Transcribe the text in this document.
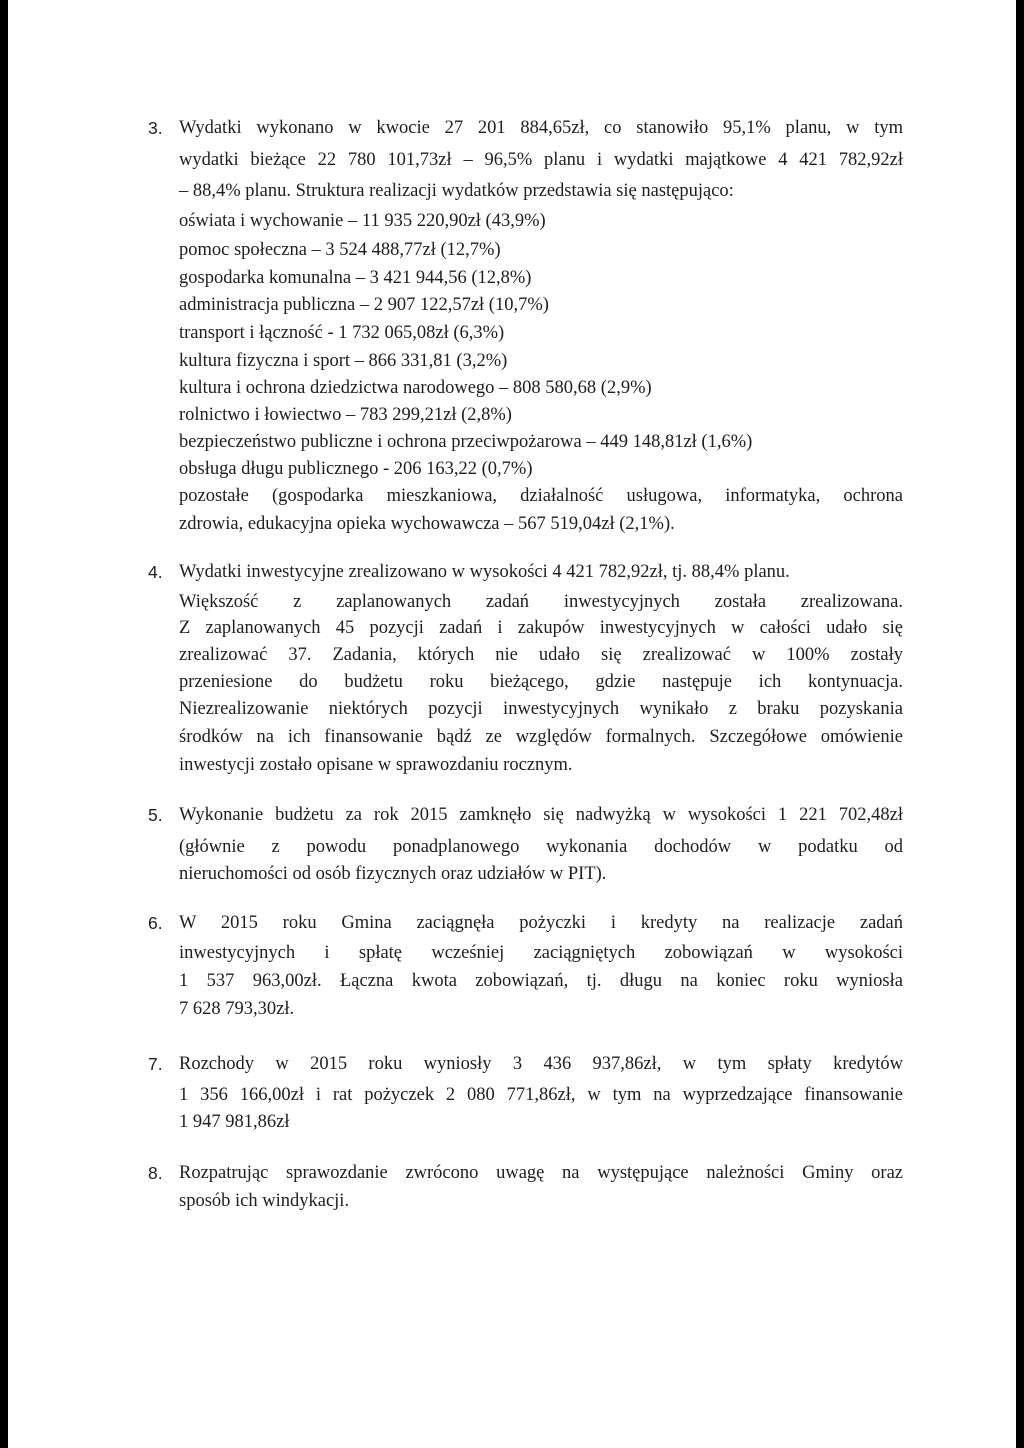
3. Wydatki wykonano w kwocie 27 201 884,65zł, co stanowiło 95,1% planu, w tym
wydatki bieżące 22 780 101,73zł – 96,5% planu i wydatki majątkowe 4 421 782,92zł
– 88,4% planu. Struktura realizacji wydatków przedstawia się następująco:
oświata i wychowanie – 11 935 220,90zł (43,9%)
pomoc społeczna – 3 524 488,77zł (12,7%)
gospodarka komunalna – 3 421 944,56 (12,8%)
administracja publiczna – 2 907 122,57zł (10,7%)
transport i łączność - 1 732 065,08zł (6,3%)
kultura fizyczna i sport – 866 331,81 (3,2%)
kultura i ochrona dziedzictwa narodowego – 808 580,68 (2,9%)
rolnictwo i łowiectwo – 783 299,21zł (2,8%)
bezpieczeństwo publiczne i ochrona przeciwpożarowa – 449 148,81zł (1,6%)
obsługa długu publicznego - 206 163,22 (0,7%)
pozostałe (gospodarka mieszkaniowa, działalność usługowa, informatyka, ochrona
zdrowia, edukacyjna opieka wychowawcza – 567 519,04zł (2,1%).
4. Wydatki inwestycyjne zrealizowano w wysokości 4 421 782,92zł, tj. 88,4% planu.
Większość z zaplanowanych zadań inwestycyjnych została zrealizowana.
Z zaplanowanych 45 pozycji zadań i zakupów inwestycyjnych w całości udało się
zrealizować 37. Zadania, których nie udało się zrealizować w 100% zostały
przeniesione do budżetu roku bieżącego, gdzie następuje ich kontynuacja.
Niezrealizowanie niektórych pozycji inwestycyjnych wynikało z braku pozyskania
środków na ich finansowanie bądź ze względów formalnych. Szczegółowe omówienie
inwestycji zostało opisane w sprawozdaniu rocznym.
5. Wykonanie budżetu za rok 2015 zamknęło się nadwyżką w wysokości 1 221 702,48zł
(głównie z powodu ponadplanowego wykonania dochodów w podatku od
nieruchomości od osób fizycznych oraz udziałów w PIT).
6. W 2015 roku Gmina zaciągnęła pożyczki i kredyty na realizacje zadań
inwestycyjnych i spłatę wcześniej zaciągniętych zobowiązań w wysokości
1 537 963,00zł. Łączna kwota zobowiązań, tj. długu na koniec roku wyniosła
7 628 793,30zł.
7. Rozchody w 2015 roku wyniosły 3 436 937,86zł, w tym spłaty kredytów
1 356 166,00zł i rat pożyczek 2 080 771,86zł, w tym na wyprzedzające finansowanie
1 947 981,86zł
8. Rozpatrując sprawozdanie zwrócono uwagę na występujące należności Gminy oraz
sposób ich windykacji.
